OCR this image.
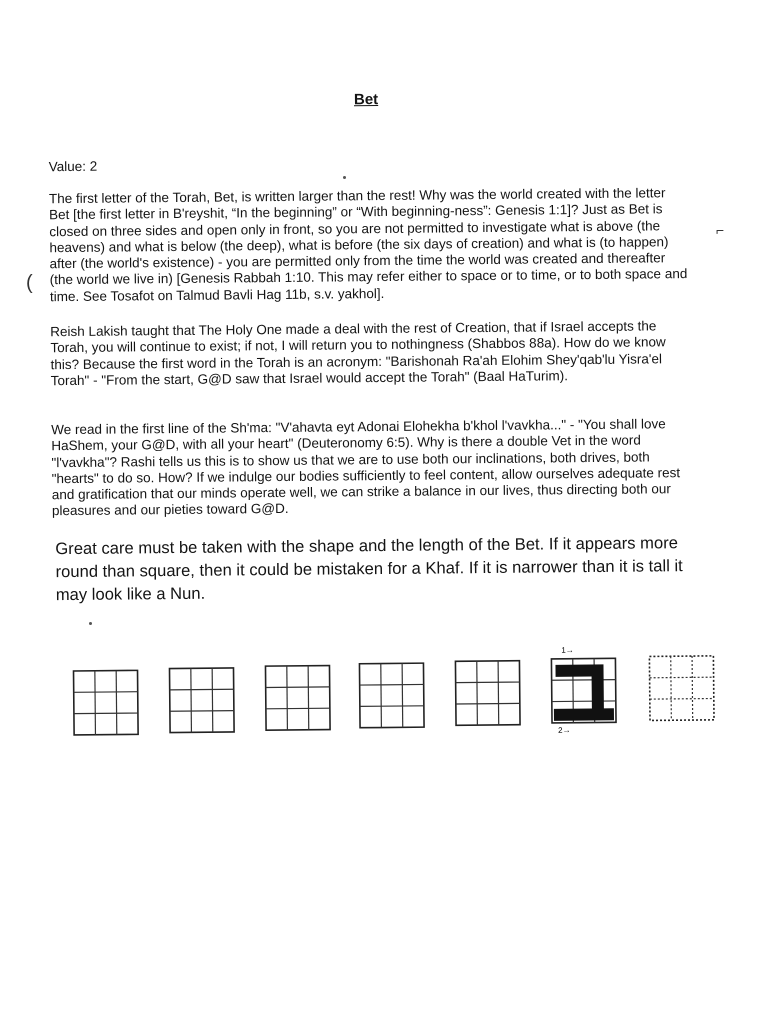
Bet
Value: 2

The first letter of the Torah, Bet, is written larger than the rest! Why was the world created with the letter Bet [the first letter in B'reyshit, “In the beginning” or “With beginning-ness”: Genesis 1:1]? Just as Bet is closed on three sides and open only in front, so you are not permitted to investigate what is above (the heavens) and what is below (the deep), what is before (the six days of creation) and what is (to happen) after (the world's existence) - you are permitted only from the time the world was created and thereafter (the world we live in) [Genesis Rabbah 1:10. This may refer either to space or to time, or to both space and time. See Tosafot on Talmud Bavli Hag 11b, s.v. yakhol].

Reish Lakish taught that The Holy One made a deal with the rest of Creation, that if Israel accepts the Torah, you will continue to exist; if not, I will return you to nothingness (Shabbos 88a). How do we know this? Because the first word in the Torah is an acronym: "Barishonah Ra'ah Elohim Shey'qab'lu Yisra'el Torah" - "From the start, G@D saw that Israel would accept the Torah" (Baal HaTurim).

We read in the first line of the Sh'ma: "V'ahavta eyt Adonai Elohekha b'khol l'vavkha..." - "You shall love HaShem, your G@D, with all your heart" (Deuteronomy 6:5). Why is there a double Vet in the word "l'vavkha"? Rashi tells us this is to show us that we are to use both our inclinations, both drives, both "hearts" to do so. How? If we indulge our bodies sufficiently to feel content, allow ourselves adequate rest and gratification that our minds operate well, we can strike a balance in our lives, thus directing both our pleasures and our pieties toward G@D.

Great care must be taken with the shape and the length of the Bet. If it appears more round than square, then it could be mistaken for a Khaf. If it is narrower than it is tall it may look like a Nun.

1→
2→
(
⌐
